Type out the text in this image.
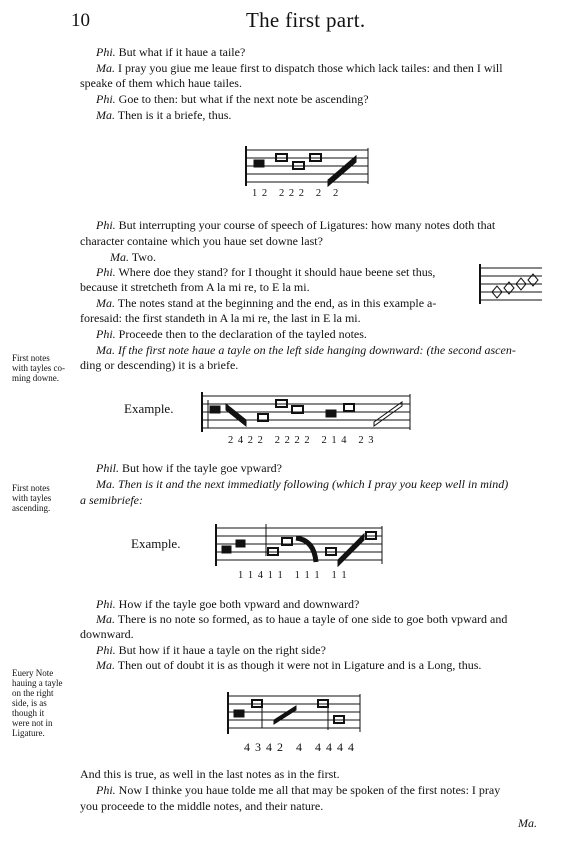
10	The first part.
Phi. But what if it haue a taile?
Ma. I pray you giue me leaue first to dispatch those which lack tailes: and then I will
speake of them which haue tailes.
Phi. Goe to then: but what if the next note be ascending?
Ma. Then is it a briefe, thus.
1 2   2 2 2   2   2
Phi. But interrupting your course of speech of Ligatures: how many notes doth that
character containe which you haue set downe last?
Ma. Two.
Phi. Where doe they stand? for I thought it should haue beene set thus,
because it stretcheth from A la mi re, to E la mi.
Ma. The notes stand at the beginning and the end, as in this example a-
foresaid: the first standeth in A la mi re, the last in E la mi.
Phi. Proceede then to the declaration of the tayled notes.
Ma. If the first note haue a tayle on the left side hanging downward: (the second ascen-
ding or descending) it is a briefe.
First notes
with tayles co-
ming downe.
Example.
2 4 2 2   2 2 2 2   2 1 4   2 3
Phil. But how if the tayle goe vpward?
Ma. Then is it and the next immediatly following (which I pray you keep well in mind)
a semibriefe:
First notes
with tayles
ascending.
Example.
1 1 4 1 1   1 1 1   1 1
Phi. How if the tayle goe both vpward and downward?
Ma. There is no note so formed, as to haue a tayle of one side to goe both vpward and
downward.
Phi. But how if it haue a tayle on the right side?
Ma. Then out of doubt it is as though it were not in Ligature and is a Long, thus.
Euery Note
hauing a tayle
on the right
side, is as
though it
were not in
Ligature.
4 3 4 2   4   4 4 4 4
And this is true, as well in the last notes as in the first.
Phi. Now I thinke you haue tolde me all that may be spoken of the first notes: I pray
you proceede to the middle notes, and their nature.
Ma.
